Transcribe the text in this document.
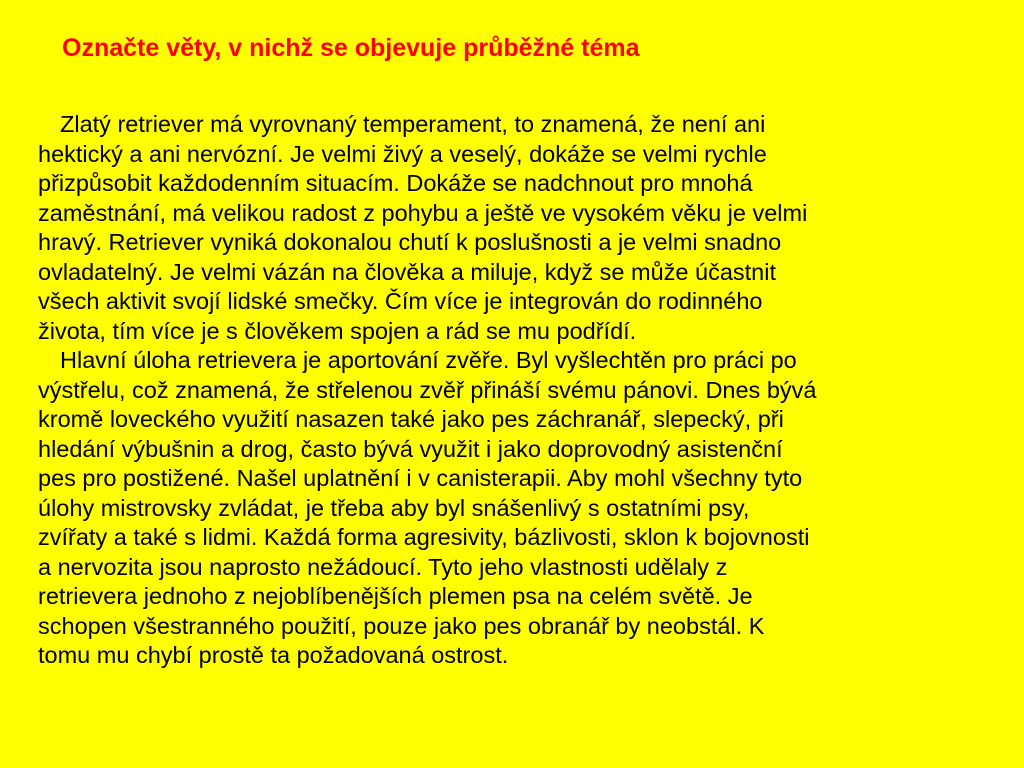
Označte věty, v nichž se objevuje průběžné téma

Zlatý retriever má vyrovnaný temperament, to znamená, že není ani
hektický a ani nervózní. Je velmi živý a veselý, dokáže se velmi rychle
přizpůsobit každodenním situacím. Dokáže se nadchnout pro mnohá
zaměstnání, má velikou radost z pohybu a ještě ve vysokém věku je velmi
hravý. Retriever vyniká dokonalou chutí k poslušnosti a je velmi snadno
ovladatelný. Je velmi vázán na člověka a miluje, když se může účastnit
všech aktivit svojí lidské smečky. Čím více je integrován do rodinného
života, tím více je s člověkem spojen a rád se mu podřídí.

Hlavní úloha retrievera je aportování zvěře. Byl vyšlechtěn pro práci po
výstřelu, což znamená, že střelenou zvěř přináší svému pánovi. Dnes bývá
kromě loveckého využití nasazen také jako pes záchranář, slepecký, při
hledání výbušnin a drog, často bývá využit i jako doprovodný asistenční
pes pro postižené. Našel uplatnění i v canisterapii. Aby mohl všechny tyto
úlohy mistrovsky zvládat, je třeba aby byl snášenlivý s ostatními psy,
zvířaty a také s lidmi. Každá forma agresivity, bázlivosti, sklon k bojovnosti
a nervozita jsou naprosto nežádoucí. Tyto jeho vlastnosti udělaly z
retrievera jednoho z nejoblíbenějších plemen psa na celém světě. Je
schopen všestranného použití, pouze jako pes obranář by neobstál. K
tomu mu chybí prostě ta požadovaná ostrost.
